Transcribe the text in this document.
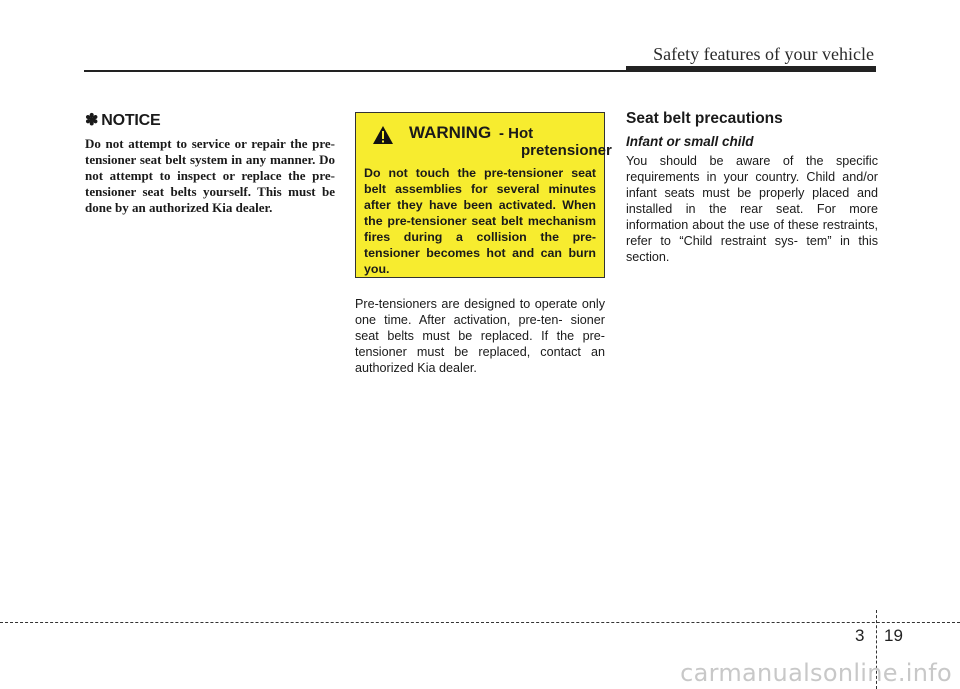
Safety features of your vehicle
✽ NOTICE

Do not attempt to service or repair the pre-tensioner seat belt system in any manner. Do not attempt to inspect or replace the pre-tensioner seat belts yourself. This must be done by an authorized Kia dealer.

WARNING - Hot
pretensioner

Do not touch the pre-tensioner seat belt assemblies for several minutes after they have been activated. When the pre-tensioner seat belt mechanism fires during a collision the pre-tensioner becomes hot and can burn you.

Pre-tensioners are designed to operate only one time. After activation, pre-ten- sioner seat belts must be replaced. If the pre-tensioner must be replaced, contact an authorized Kia dealer.

Seat belt precautions
Infant or small child

You should be aware of the specific requirements in your country. Child and/or infant seats must be properly placed and installed in the rear seat. For more information about the use of these restraints, refer to “Child restraint sys- tem” in this section.

3 19
carmanualsonline.info
